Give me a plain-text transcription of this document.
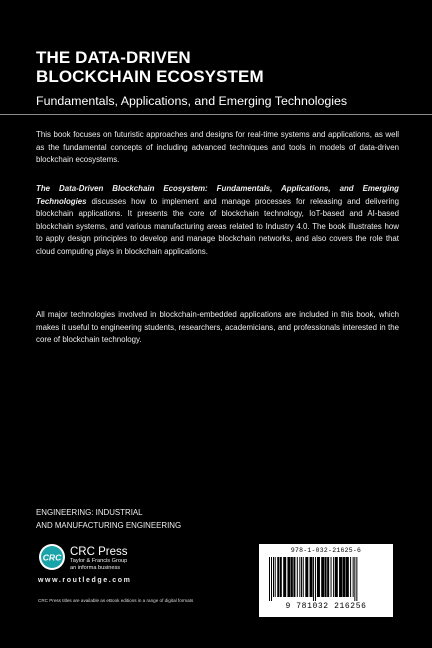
THE DATA-DRIVEN
BLOCKCHAIN ECOSYSTEM

Fundamentals, Applications, and Emerging Technologies

This book focuses on futuristic approaches and designs for real-time systems and applications, as well as the fundamental concepts of including advanced techniques and tools in models of data-driven blockchain ecosystems.

The Data-Driven Blockchain Ecosystem: Fundamentals, Applications, and Emerging Technologies discusses how to implement and manage processes for releasing and delivering blockchain applications. It presents the core of blockchain technology, IoT-based and AI-based blockchain systems, and various manufacturing areas related to Industry 4.0. The book illustrates how to apply design principles to develop and manage blockchain networks, and also covers the role that cloud computing plays in blockchain applications.

All major technologies involved in blockchain-embedded applications are included in this book, which makes it useful to engineering students, researchers, academicians, and professionals interested in the core of blockchain technology.

ENGINEERING: INDUSTRIAL
AND MANUFACTURING ENGINEERING
CRC CRC Press
Taylor & Francis Group
an informa business
www.routledge.com
CRC Press titles are available as eBook editions in a range of digital formats
978-1-032-21625-6
9 781032 216256
